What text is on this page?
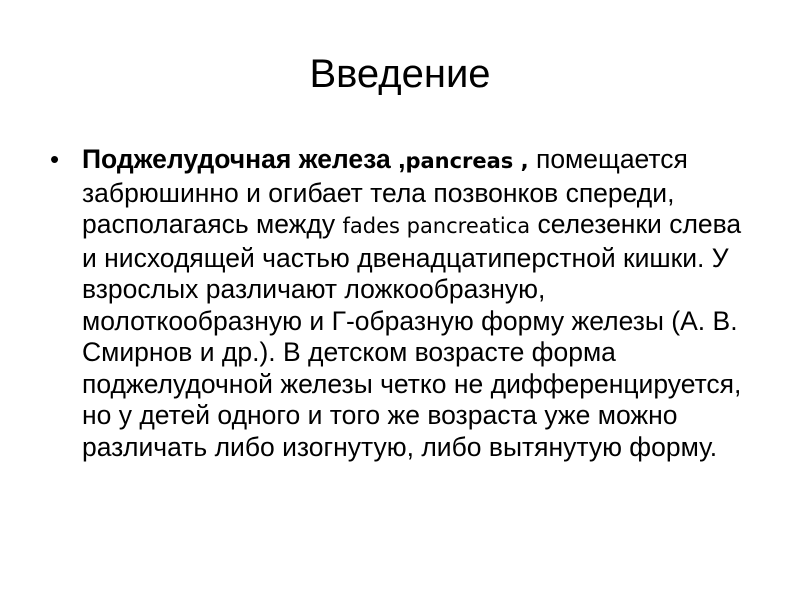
Введение
• Поджелудочная железа ,pancreas , помещается забрюшинно и огибает тела позвонков спереди, располагаясь между fades pancreatica селезенки слева и нисходящей частью двенадцатиперстной кишки. У взрослых различают ложкообразную, молоткообразную и Г-образную форму железы (А. В. Смирнов и др.). В детском возрасте форма поджелудочной железы четко не дифференцируется, но у детей одного и того же возраста уже можно различать либо изогнутую, либо вытянутую форму.
